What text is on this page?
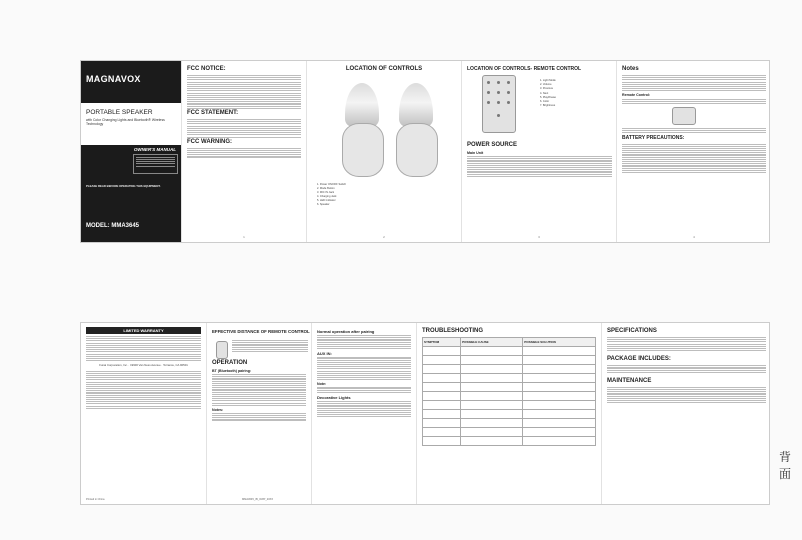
MAGNAVOX
PORTABLE SPEAKER
with Color Changing Lights and Bluetooth® Wireless Technology
OWNER'S MANUAL
PLEASE READ BEFORE OPERATING THIS EQUIPMENT.
MODEL: MMA3645
FCC NOTICE:
FCC STATEMENT:
FCC WARNING:
1
LOCATION OF CONTROLS
1. Power ON/OFF Switch
2. Mode Button
3. MIC IN Jack
4. Charging Jack
5. LED Indicator
6. Speaker
2
LOCATION OF CONTROLS- REMOTE CONTROL
1. Light Mode
2. Volume
3. Previous
4. Next
5. Play/Pause
6. Color
7. Brightness
POWER SOURCE
Main Unit
3
Notes
Remote Control:
BATTERY PRECAUTIONS:
4
LIMITED WARRANTY
Funai Corporation, Inc. · 19900 Van Ness Avenue · Torrance, CA 90501
Printed in China
EFFECTIVE DISTANCE OF REMOTE CONTROL
OPERATION
BT (Bluetooth) pairing:
Notes:
MMA3645_IB_OWP_20XX
Normal operation after pairing
AUX IN:
Note:
Decorative Lights
TROUBLESHOOTING
SYMPTOM	POSSIBLE CAUSE	POSSIBLE SOLUTION

SPECIFICATIONS
PACKAGE INCLUDES:
MAINTENANCE
背面
